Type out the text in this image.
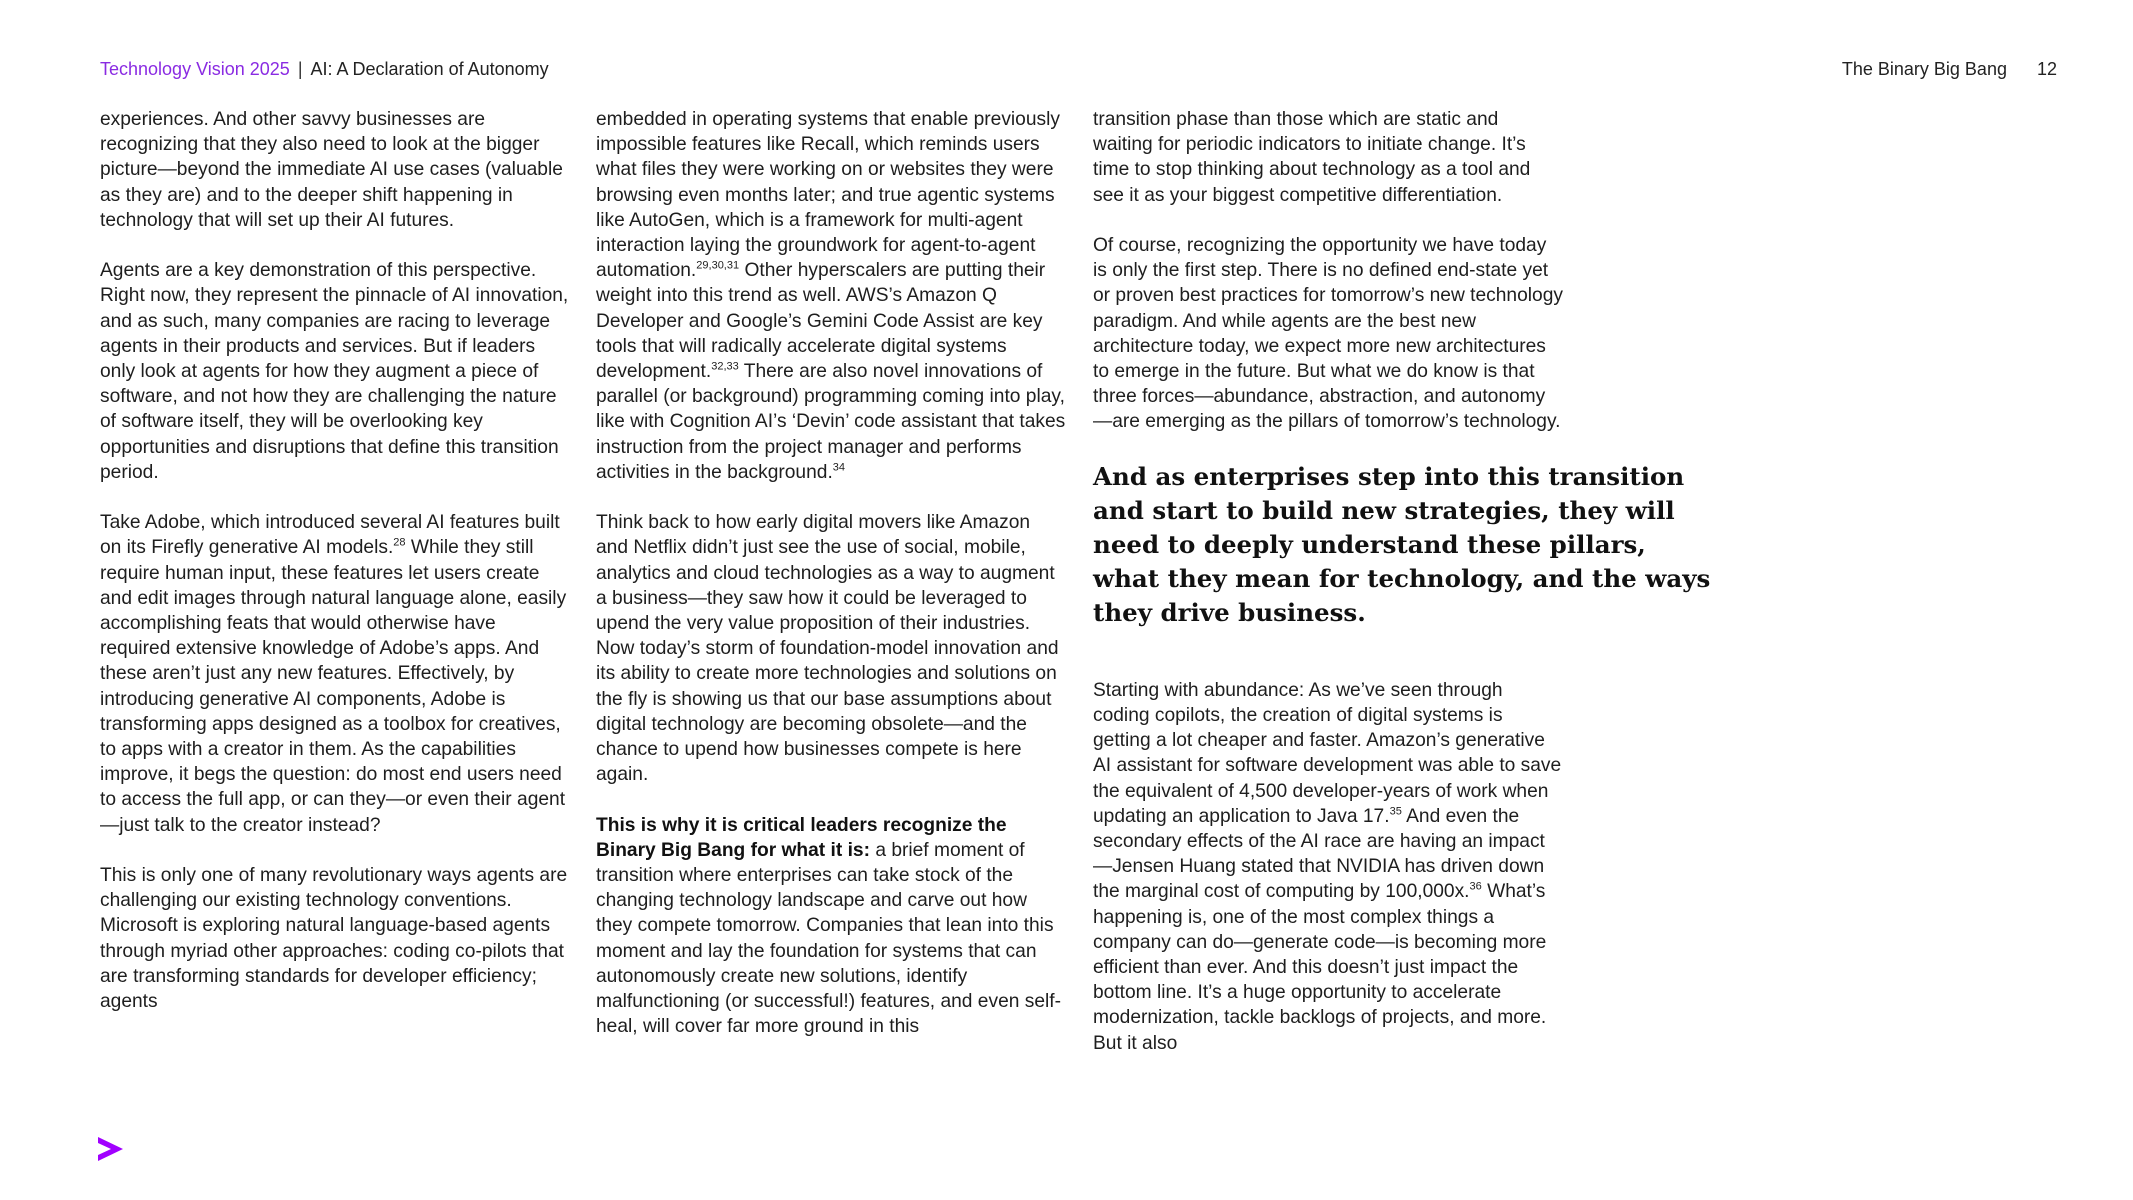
Technology Vision 2025 | AI: A Declaration of Autonomy	The Binary Big Bang 12

experiences. And other savvy businesses are recognizing that they also need to look at the bigger picture—beyond the immediate AI use cases (valuable as they are) and to the deeper shift happening in technology that will set up their AI futures.

Agents are a key demonstration of this perspective. Right now, they represent the pinnacle of AI innovation, and as such, many companies are racing to leverage agents in their products and services. But if leaders only look at agents for how they augment a piece of software, and not how they are challenging the nature of software itself, they will be overlooking key opportunities and disruptions that define this transition period.

Take Adobe, which introduced several AI features built on its Firefly generative AI models.$^{28}$ While they still require human input, these features let users create and edit images through natural language alone, easily accomplishing feats that would otherwise have required extensive knowledge of Adobe’s apps. And these aren’t just any new features. Effectively, by introducing generative AI components, Adobe is transforming apps designed as a toolbox for creatives, to apps with a creator in them. As the capabilities improve, it begs the question: do most end users need to access the full app, or can they—or even their agent—just talk to the creator instead?

This is only one of many revolutionary ways agents are challenging our existing technology conventions. Microsoft is exploring natural language-based agents through myriad other approaches: coding co-pilots that are transforming standards for developer efficiency; agents

embedded in operating systems that enable previously impossible features like Recall, which reminds users what files they were working on or websites they were browsing even months later; and true agentic systems like AutoGen, which is a framework for multi-agent interaction laying the groundwork for agent-to-agent automation.$^{29,30,31}$ Other hyperscalers are putting their weight into this trend as well. AWS’s Amazon Q Developer and Google’s Gemini Code Assist are key tools that will radically accelerate digital systems development.$^{32,33}$ There are also novel innovations of parallel (or background) programming coming into play, like with Cognition AI’s ‘Devin’ code assistant that takes instruction from the project manager and performs activities in the background.$^{34}$

Think back to how early digital movers like Amazon and Netflix didn’t just see the use of social, mobile, analytics and cloud technologies as a way to augment a business—they saw how it could be leveraged to upend the very value proposition of their industries. Now today’s storm of foundation-model innovation and its ability to create more technologies and solutions on the fly is showing us that our base assumptions about digital technology are becoming obsolete—and the chance to upend how businesses compete is here again.

This is why it is critical leaders recognize the Binary Big Bang for what it is: a brief moment of transition where enterprises can take stock of the changing technology landscape and carve out how they compete tomorrow. Companies that lean into this moment and lay the foundation for systems that can autonomously create new solutions, identify malfunctioning (or successful!) features, and even self-heal, will cover far more ground in this

transition phase than those which are static and waiting for periodic indicators to initiate change. It’s time to stop thinking about technology as a tool and see it as your biggest competitive differentiation.

Of course, recognizing the opportunity we have today is only the first step. There is no defined end-state yet or proven best practices for tomorrow’s new technology paradigm. And while agents are the best new architecture today, we expect more new architectures to emerge in the future. But what we do know is that three forces—abundance, abstraction, and autonomy—are emerging as the pillars of tomorrow’s technology.

And as enterprises step into this transition and start to build new strategies, they will need to deeply understand these pillars, what they mean for technology, and the ways they drive business.

Starting with abundance: As we’ve seen through coding copilots, the creation of digital systems is getting a lot cheaper and faster. Amazon’s generative AI assistant for software development was able to save the equivalent of 4,500 developer-years of work when updating an application to Java 17.35 And even the secondary effects of the AI race are having an impact—Jensen Huang stated that NVIDIA has driven down the marginal cost of computing by 100,000x.$^{36}$ What’s happening is, one of the most complex things a company can do—generate code—is becoming more efficient than ever. And this doesn’t just impact the bottom line. It’s a huge opportunity to accelerate modernization, tackle backlogs of projects, and more. But it also
